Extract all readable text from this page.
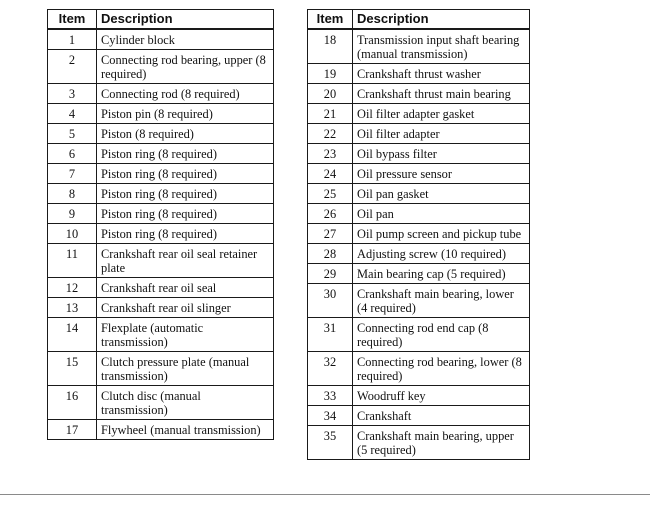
Item	Description
1	Cylinder block
2	Connecting rod bearing, upper (8 required)
3	Connecting rod (8 required)
4	Piston pin (8 required)
5	Piston (8 required)
6	Piston ring (8 required)
7	Piston ring (8 required)
8	Piston ring (8 required)
9	Piston ring (8 required)
10	Piston ring (8 required)
11	Crankshaft rear oil seal retainer plate
12	Crankshaft rear oil seal
13	Crankshaft rear oil slinger
14	Flexplate (automatic transmission)
15	Clutch pressure plate (manual transmission)
16	Clutch disc (manual transmission)
17	Flywheel (manual transmission)
Item	Description
18	Transmission input shaft bearing (manual transmission)
19	Crankshaft thrust washer
20	Crankshaft thrust main bearing
21	Oil filter adapter gasket
22	Oil filter adapter
23	Oil bypass filter
24	Oil pressure sensor
25	Oil pan gasket
26	Oil pan
27	Oil pump screen and pickup tube
28	Adjusting screw (10 required)
29	Main bearing cap (5 required)
30	Crankshaft main bearing, lower (4 required)
31	Connecting rod end cap (8 required)
32	Connecting rod bearing, lower (8 required)
33	Woodruff key
34	Crankshaft
35	Crankshaft main bearing, upper (5 required)
